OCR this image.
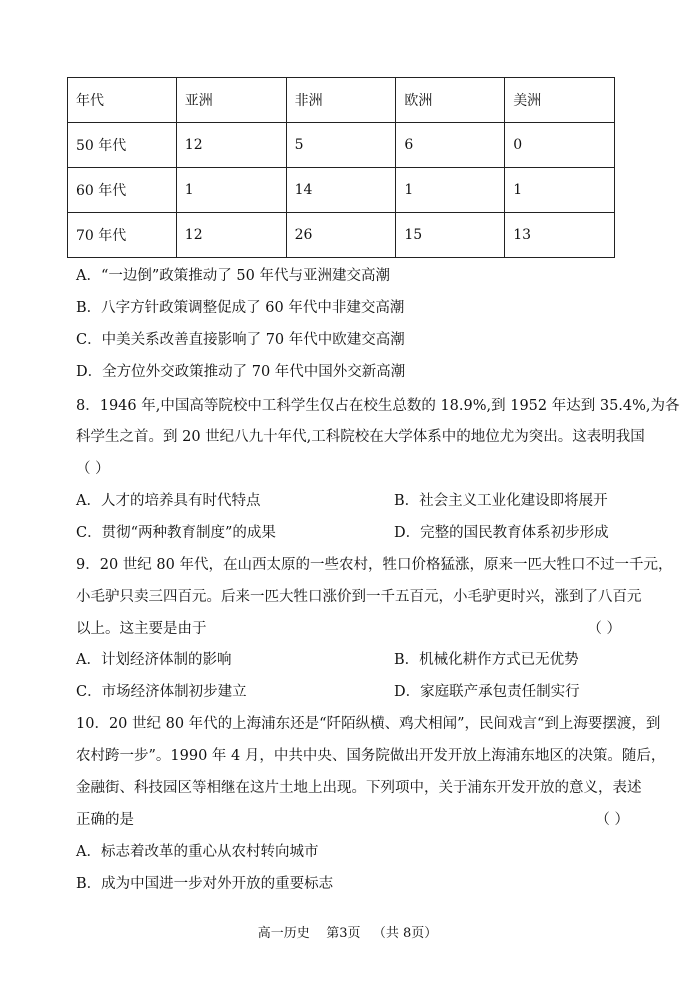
年代	亚洲	非洲	欧洲	美洲
50 年代	12	5	6	0
60 年代	1	14	1	1
70 年代	12	26	15	13
A．“一边倒”政策推动了 50 年代与亚洲建交高潮
B．八字方针政策调整促成了 60 年代中非建交高潮
C．中美关系改善直接影响了 70 年代中欧建交高潮
D．全方位外交政策推动了 70 年代中国外交新高潮
8．1946 年,中国高等院校中工科学生仅占在校生总数的 18.9%,到 1952 年达到 35.4%,为各
科学生之首。到 20 世纪八九十年代,工科院校在大学体系中的地位尤为突出。这表明我国
（ ）
A．人才的培养具有时代特点	B．社会主义工业化建设即将展开
C．贯彻“两种教育制度”的成果	D．完整的国民教育体系初步形成
9．20 世纪 80 年代，在山西太原的一些农村，牲口价格猛涨，原来一匹大牲口不过一千元，
小毛驴只卖三四百元。后来一匹大牲口涨价到一千五百元，小毛驴更时兴，涨到了八百元
以上。这主要是由于	（ ）
A．计划经济体制的影响	B．机械化耕作方式已无优势
C．市场经济体制初步建立	D．家庭联产承包责任制实行
10．20 世纪 80 年代的上海浦东还是“阡陌纵横、鸡犬相闻”，民间戏言“到上海要摆渡，到
农村跨一步”。1990 年 4 月，中共中央、国务院做出开发开放上海浦东地区的决策。随后，
金融街、科技园区等相继在这片土地上出现。下列项中，关于浦东开发开放的意义，表述
正确的是	（ ）
A．标志着改革的重心从农村转向城市
B．成为中国进一步对外开放的重要标志
高一历史    第3页   （共 8页）
